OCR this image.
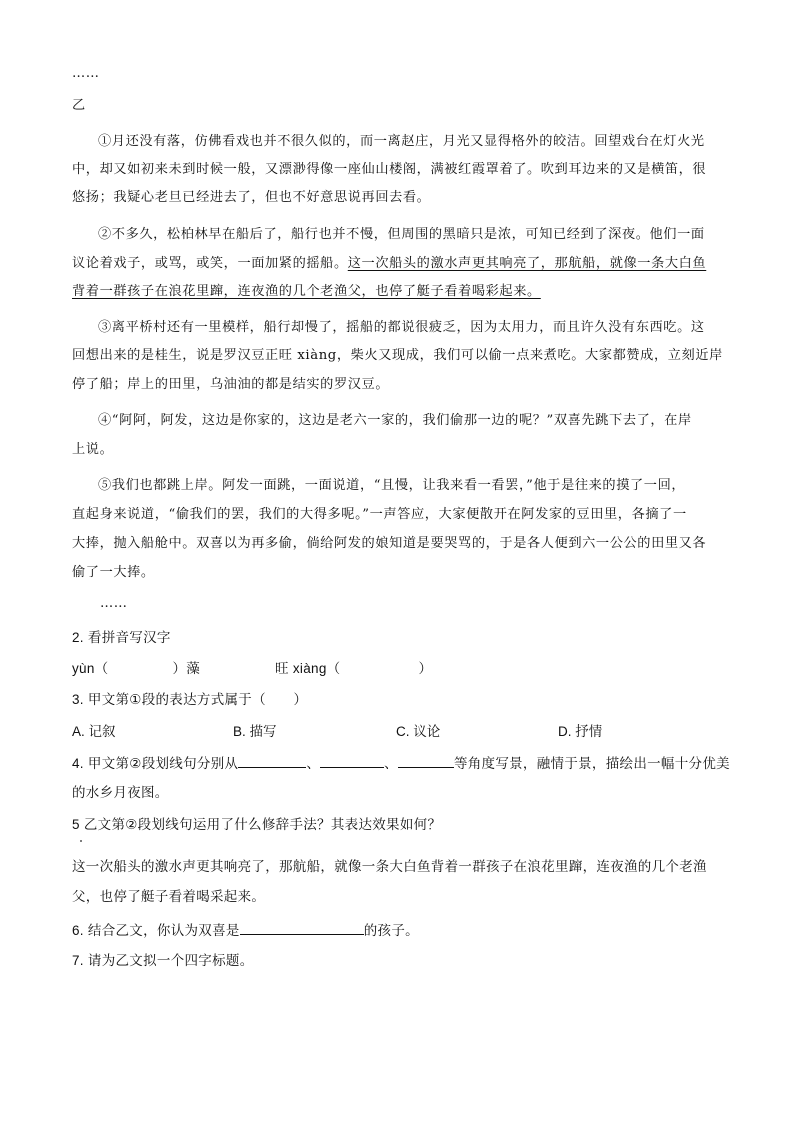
……
乙
①月还没有落，仿佛看戏也并不很久似的，而一离赵庄，月光又显得格外的皎洁。回望戏台在灯火光
中，却又如初来未到时候一般，又漂渺得像一座仙山楼阁，满被红霞罩着了。吹到耳边来的又是横笛，很
悠扬；我疑心老旦已经进去了，但也不好意思说再回去看。
②不多久，松柏林早在船后了，船行也并不慢，但周围的黑暗只是浓，可知已经到了深夜。他们一面
议论着戏子，或骂，或笑，一面加紧的摇船。这一次船头的激水声更其响亮了，那航船，就像一条大白鱼
背着一群孩子在浪花里蹿，连夜渔的几个老渔父，也停了艇子看着喝彩起来。
③离平桥村还有一里模样，船行却慢了，摇船的都说很疲乏，因为太用力，而且许久没有东西吃。这
回想出来的是桂生，说是罗汉豆正旺 xiàng，柴火又现成，我们可以偷一点来煮吃。大家都赞成，立刻近岸
停了船；岸上的田里，乌油油的都是结实的罗汉豆。
④“阿阿，阿发，这边是你家的，这边是老六一家的，我们偷那一边的呢？”双喜先跳下去了，在岸
上说。
⑤我们也都跳上岸。阿发一面跳，一面说道，“且慢，让我来看一看罢，”他于是往来的摸了一回，
直起身来说道，“偷我们的罢，我们的大得多呢。”一声答应，大家便散开在阿发家的豆田里，各摘了一
大捧，抛入船舱中。双喜以为再多偷，倘给阿发的娘知道是要哭骂的，于是各人便到六一公公的田里又各
偷了一大捧。
……
2. 看拼音写汉字
yùn（	）藻	旺 xiàng（	）
3. 甲文第①段的表达方式属于（　　）
A. 记叙	B. 描写	C. 议论	D. 抒情
4. 甲文第②段划线句分别从	、	、	等角度写景，融情于景，描绘出一幅十分优美
的水乡月夜图。
5 乙文第②段划线句运用了什么修辞手法？其表达效果如何？
这一次船头的激水声更其响亮了，那航船，就像一条大白鱼背着一群孩子在浪花里蹿，连夜渔的几个老渔
父，也停了艇子看着喝采起来。
6. 结合乙文，你认为双喜是	的孩子。
7. 请为乙文拟一个四字标题。
